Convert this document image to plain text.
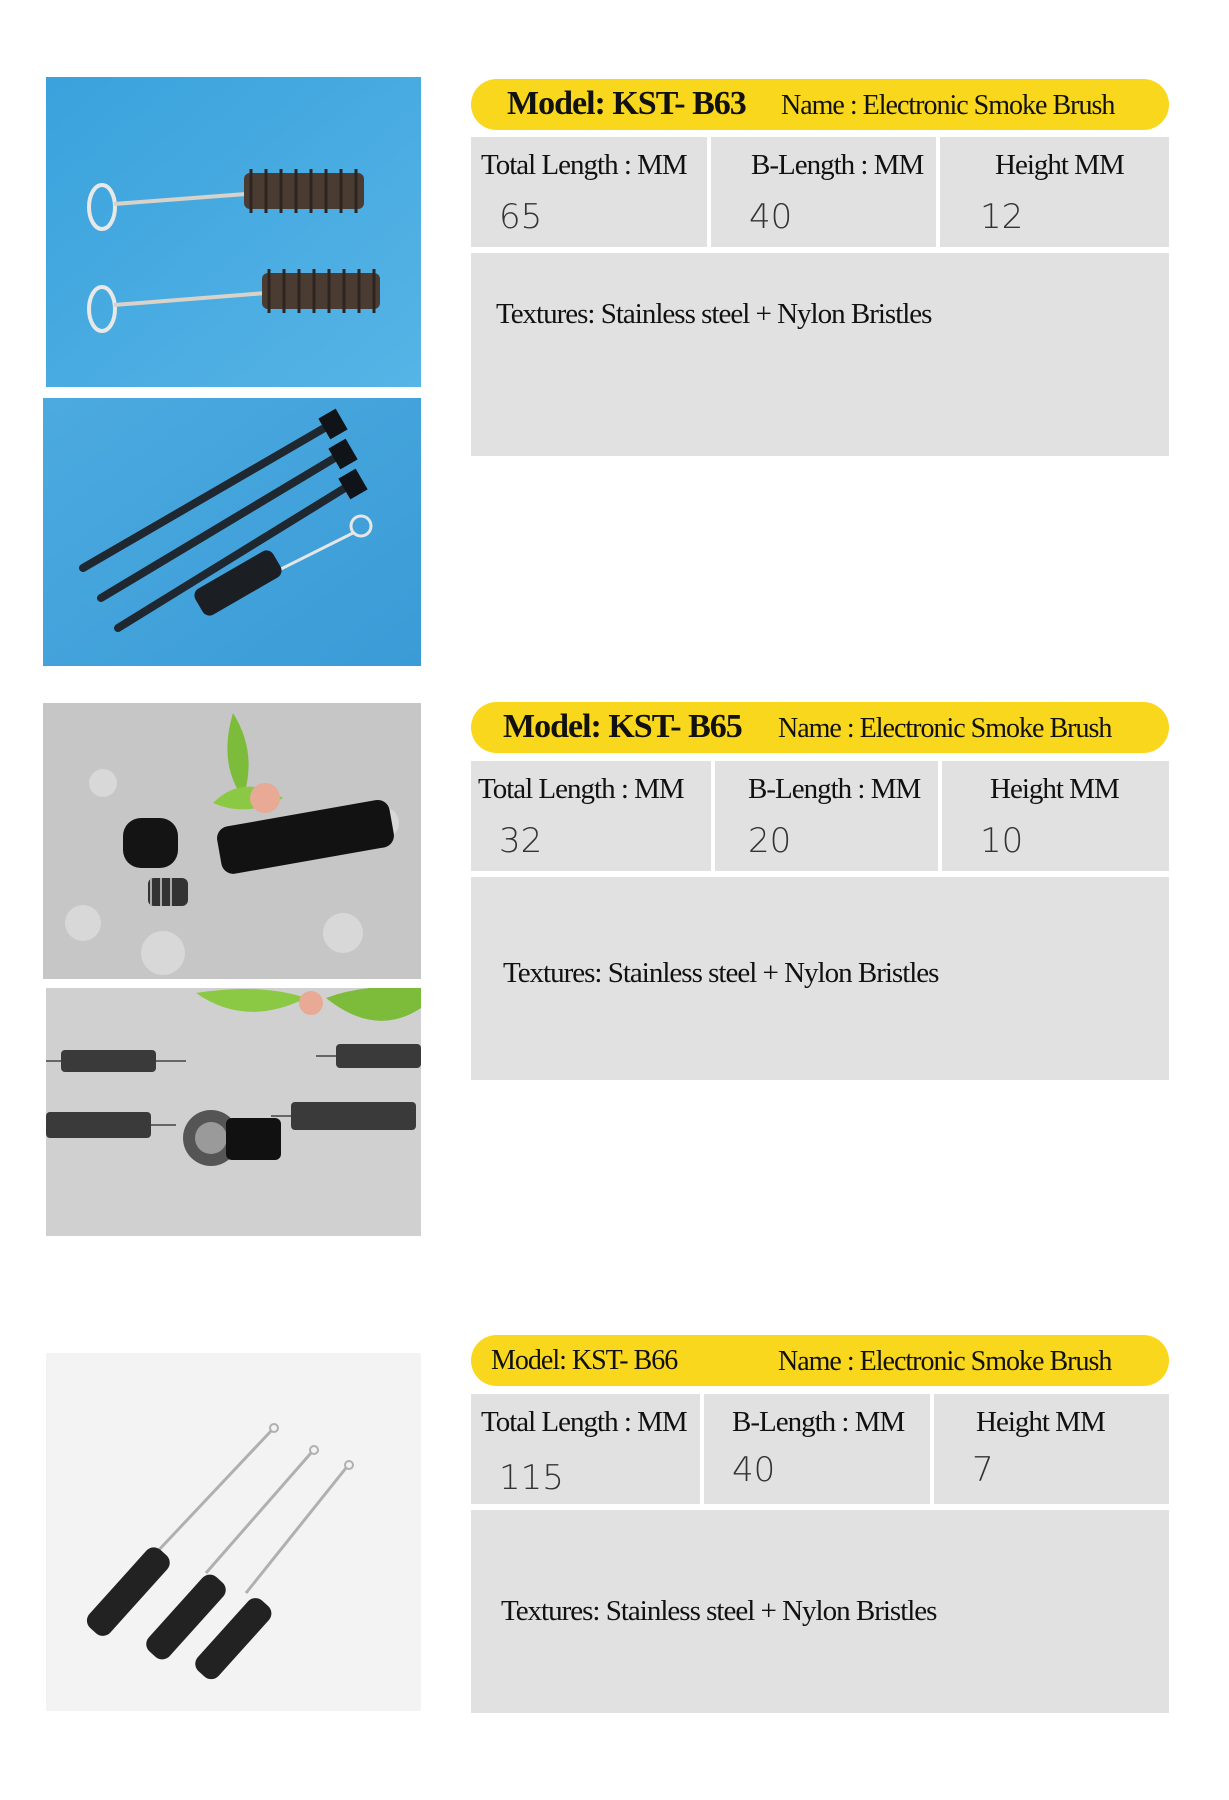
Model: KST- B63 Name : Electronic Smoke Brush
Total Length : MM
65
B-Length : MM
40
Height MM
12
Textures: Stainless steel + Nylon Bristles
Model: KST- B65 Name : Electronic Smoke Brush
Total Length : MM
32
B-Length : MM
20
Height MM
10
Textures: Stainless steel + Nylon Bristles
Model: KST- B66	Name : Electronic Smoke Brush
Total Length : MM
115
B-Length : MM
40
Height MM
7
Textures: Stainless steel + Nylon Bristles
